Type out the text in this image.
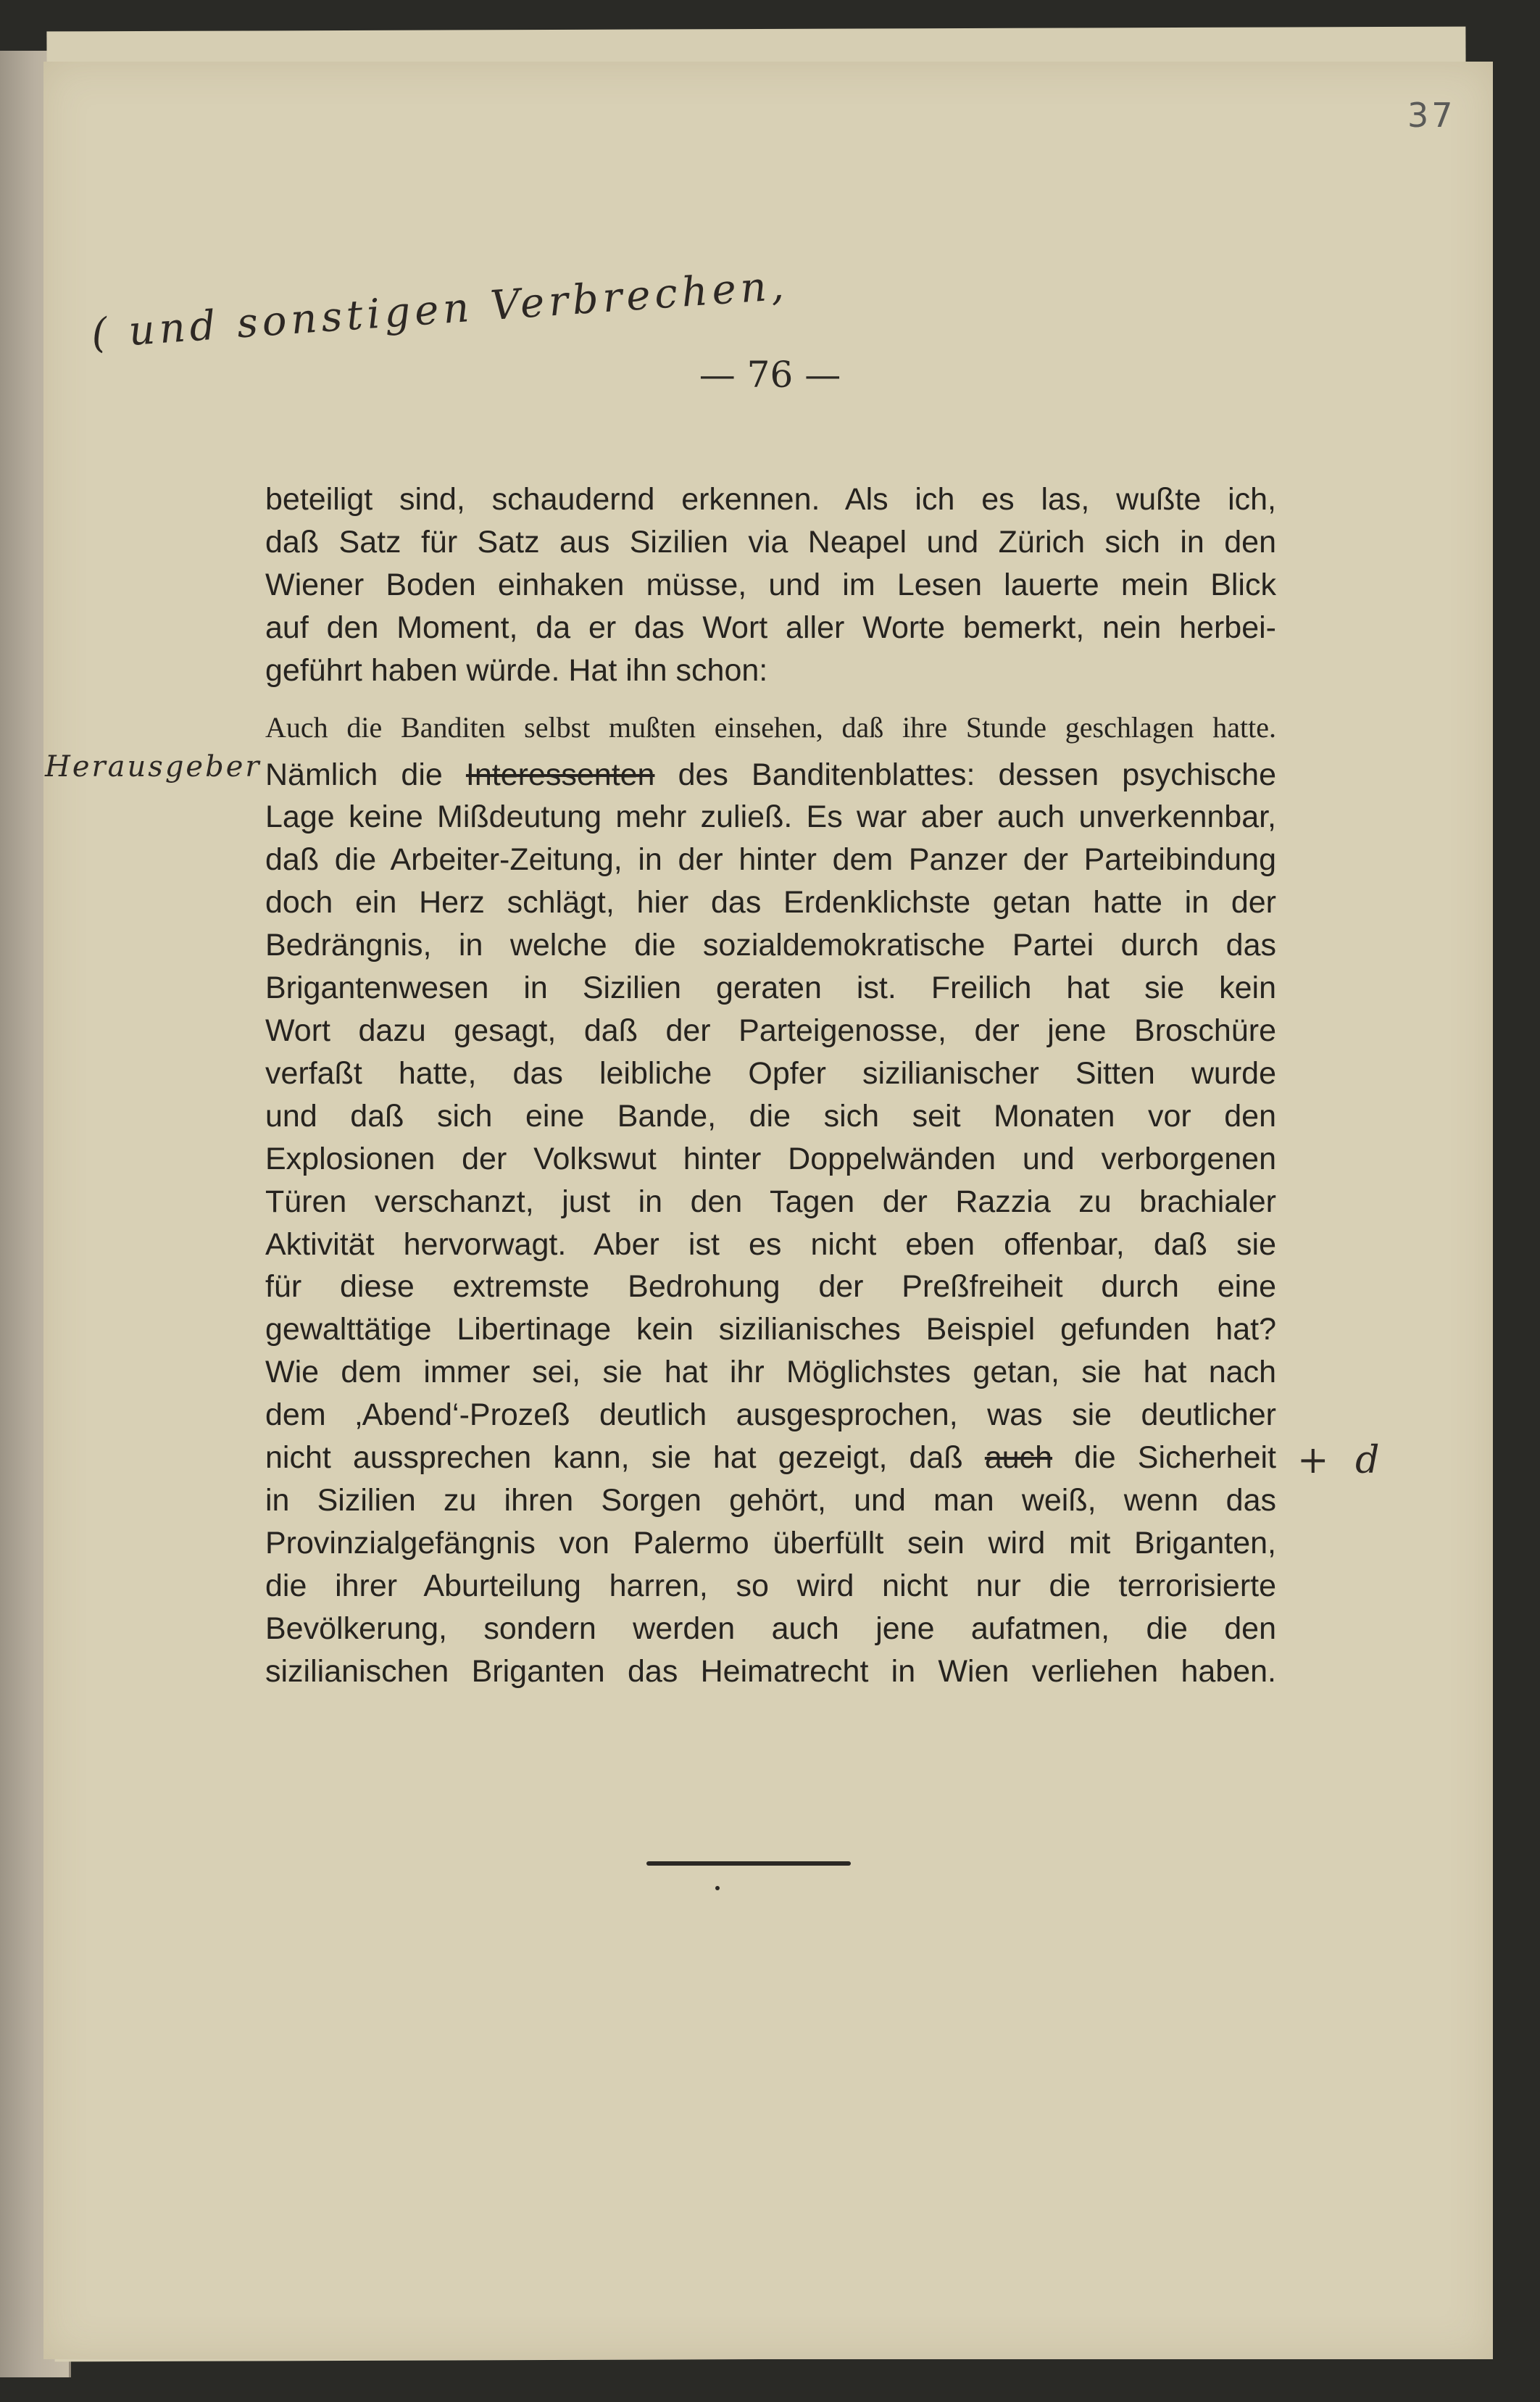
37
( und sonstigen Verbrechen,
Herausgeber
+ d
— 76 —
beteiligt sind, schaudernd erkennen. Als ich es las, wußte ich,
daß Satz für Satz aus Sizilien via Neapel und Zürich sich in den
Wiener Boden einhaken müsse, und im Lesen lauerte mein Blick
auf den Moment, da er das Wort aller Worte bemerkt, nein herbei-
geführt haben würde. Hat ihn schon:
Auch die Banditen selbst mußten einsehen, daß ihre Stunde geschlagen hatte.
Nämlich die Interessenten des Banditenblattes: dessen psychische
Lage keine Mißdeutung mehr zuließ. Es war aber auch unverkennbar,
daß die Arbeiter-Zeitung, in der hinter dem Panzer der Parteibindung
doch ein Herz schlägt, hier das Erdenklichste getan hatte in der
Bedrängnis, in welche die sozialdemokratische Partei durch das
Brigantenwesen in Sizilien geraten ist. Freilich hat sie kein
Wort dazu gesagt, daß der Parteigenosse, der jene Broschüre
verfaßt hatte, das leibliche Opfer sizilianischer Sitten wurde
und daß sich eine Bande, die sich seit Monaten vor den
Explosionen der Volkswut hinter Doppelwänden und verborgenen
Türen verschanzt, just in den Tagen der Razzia zu brachialer
Aktivität hervorwagt. Aber ist es nicht eben offenbar, daß sie
für diese extremste Bedrohung der Preßfreiheit durch eine
gewalttätige Libertinage kein sizilianisches Beispiel gefunden hat?
Wie dem immer sei, sie hat ihr Möglichstes getan, sie hat nach
dem ‚Abend‘-Prozeß deutlich ausgesprochen, was sie deutlicher
nicht aussprechen kann, sie hat gezeigt, daß auch die Sicherheit
in Sizilien zu ihren Sorgen gehört, und man weiß, wenn das
Provinzialgefängnis von Palermo überfüllt sein wird mit Briganten,
die ihrer Aburteilung harren, so wird nicht nur die terrorisierte
Bevölkerung, sondern werden auch jene aufatmen, die den
sizilianischen Briganten das Heimatrecht in Wien verliehen haben.
